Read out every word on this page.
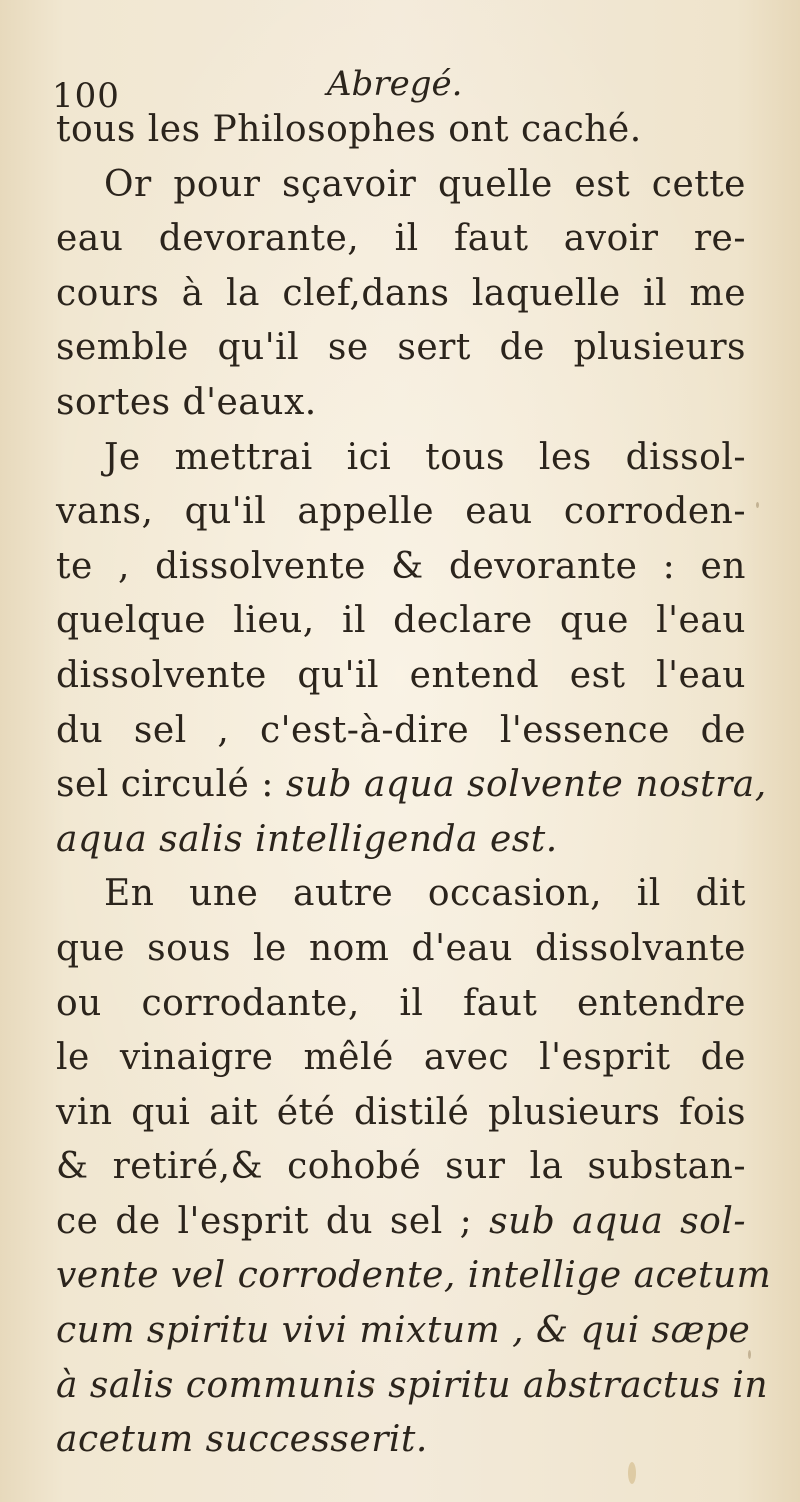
100	Abregé.
tous les Philosophes ont caché.
Or pour sçavoir quelle est cette
eau devorante, il faut avoir re-
cours à la clef,dans laquelle il me
semble qu'il se sert de plusieurs
sortes d'eaux.
Je mettrai ici tous les dissol-
vans, qu'il appelle eau corroden-
te , dissolvente & devorante : en
quelque lieu, il declare que l'eau
dissolvente qu'il entend est l'eau
du sel , c'est-à-dire l'essence de
sel circulé : sub aqua solvente nostra,
aqua salis intelligenda est.
En une autre occasion, il dit
que sous le nom d'eau dissolvante
ou corrodante, il faut entendre
le vinaigre mêlé avec l'esprit de
vin qui ait été distilé plusieurs fois
& retiré,& cohobé sur la substan-
ce de l'esprit du sel ; sub aqua sol-
vente vel corrodente, intellige acetum
cum spiritu vivi mixtum , & qui sæpe
à salis communis spiritu abstractus in
acetum successerit.
